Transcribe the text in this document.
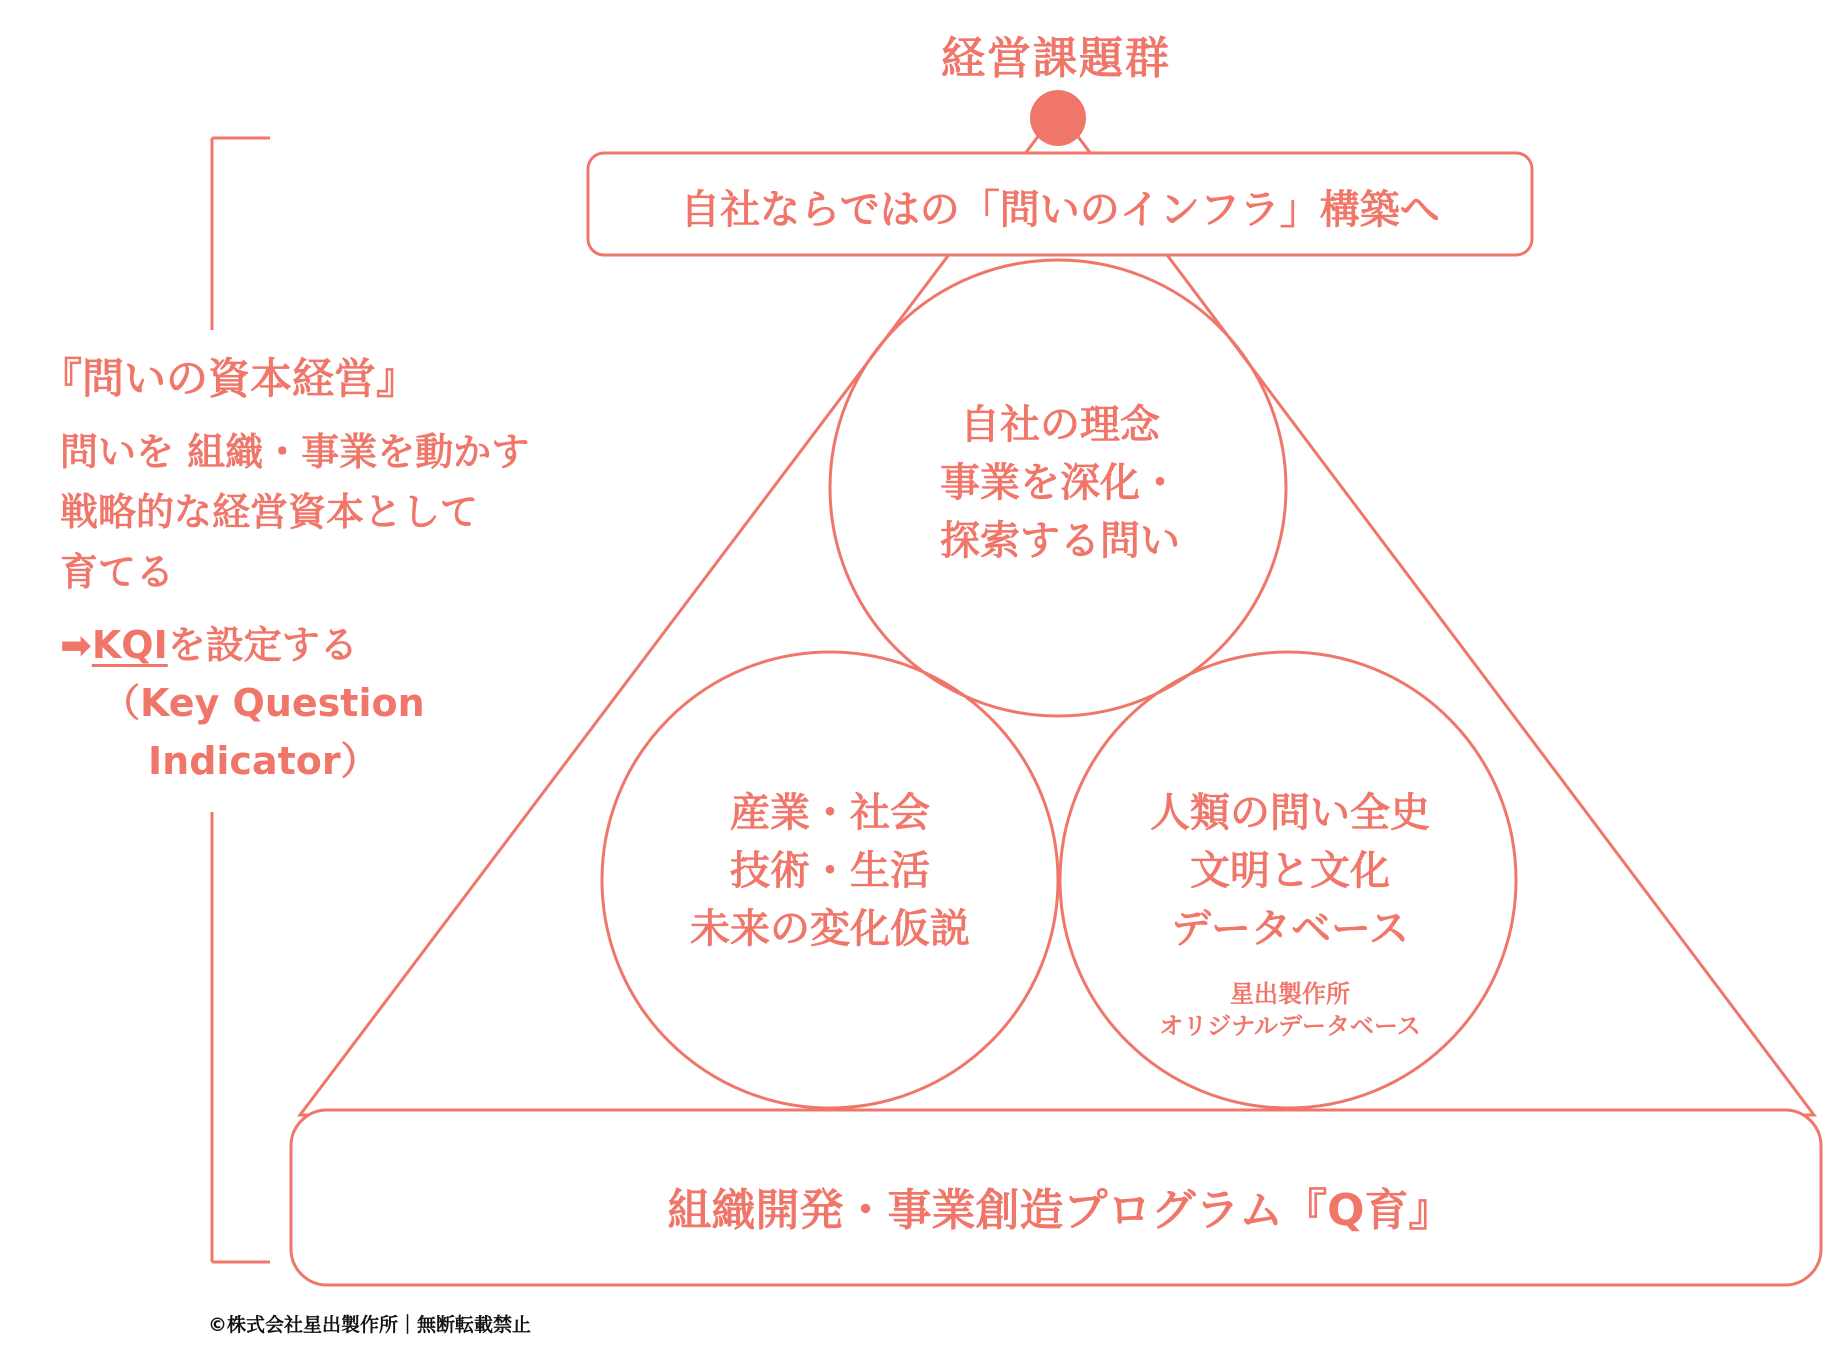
経営課題群
自社ならではの「問いのインフラ」構築へ
自社の理念
事業を深化・
探索する問い
産業・社会
技術・生活
未来の変化仮説
人類の問い全史
文明と文化
データベース
星出製作所
オリジナルデータベース
組織開発・事業創造プログラム『Q育』
『問いの資本経営』
問いを 組織・事業を動かす
戦略的な経営資本として
育てる
➡KQIを設定する
（Key Question
Indicator）
©株式会社星出製作所｜無断転載禁止
